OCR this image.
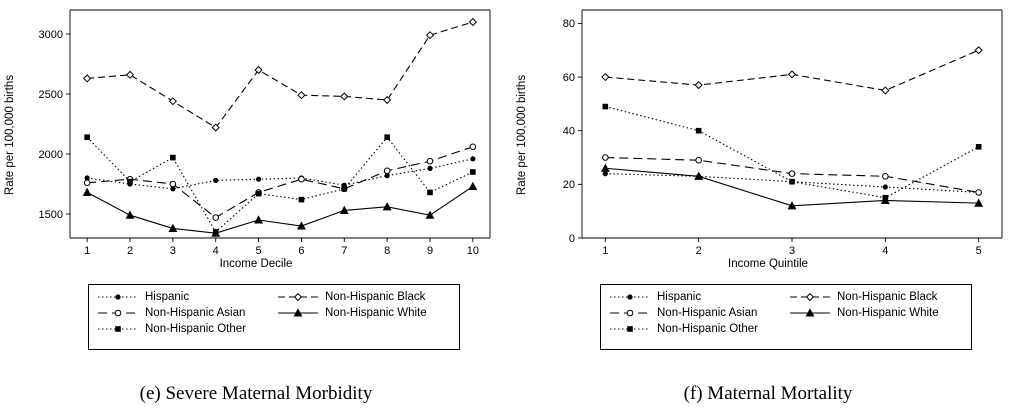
Rate per 100,000 births
1500
2000
2500
3000
1	2	3	4	5	6	7	8	9	10
Income Decile
Hispanic	Non-Hispanic Black
Non-Hispanic Asian	Non-Hispanic White
Non-Hispanic Other

(e) Severe Maternal Morbidity
Rate per 100,000 births
0
20
40
60
80
1	2	3	4	5
Income Quintile
Hispanic	Non-Hispanic Black
Non-Hispanic Asian	Non-Hispanic White
Non-Hispanic Other

(f) Maternal Mortality
